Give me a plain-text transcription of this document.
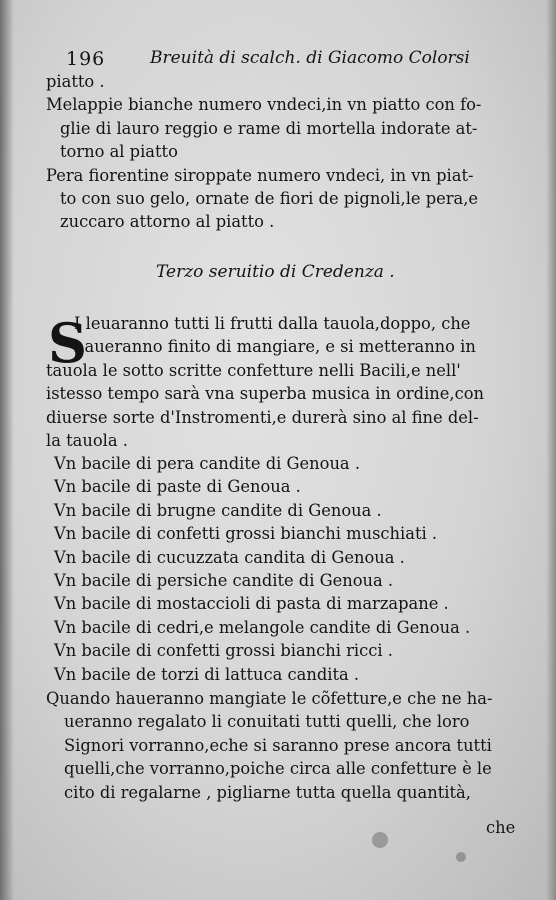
196	Breuità di scalch. di Giacomo Colorsi
piatto .
Melappie bianche numero vndeci,in vn piatto con fo-
glie di lauro reggio e rame di mortella indorate at-
torno al piatto
Pera fiorentine siroppate numero vndeci, in vn piat-
to con suo gelo, ornate de fiori de pignoli,le pera,e
zuccaro attorno al piatto .
Terzo seruitio di Credenza .
S
I leuaranno tutti li frutti dalla tauola,doppo, che
haueranno finito di mangiare, e si metteranno in
tauola le sotto scritte confetture nelli Bacili,e nell'
istesso tempo sarà vna superba musica in ordine,con
diuerse sorte d'Instromenti,e durerà sino al fine del-
la tauola .
Vn bacile di pera candite di Genoua .
Vn bacile di paste di Genoua .
Vn bacile di brugne candite di Genoua .
Vn bacile di confetti grossi bianchi muschiati .
Vn bacile di cucuzzata candita di Genoua .
Vn bacile di persiche candite di Genoua .
Vn bacile di mostaccioli di pasta di marzapane .
Vn bacile di cedri,e melangole candite di Genoua .
Vn bacile di confetti grossi bianchi ricci .
Vn bacile de torzi di lattuca candita .
Quando haueranno mangiate le cõfetture,e che ne ha-
ueranno regalato li conuitati tutti quelli, che loro
Signori vorranno,eche si saranno prese ancora tutti
quelli,che vorranno,poiche circa alle confetture è le
cito di regalarne , pigliarne tutta quella quantità,
che
